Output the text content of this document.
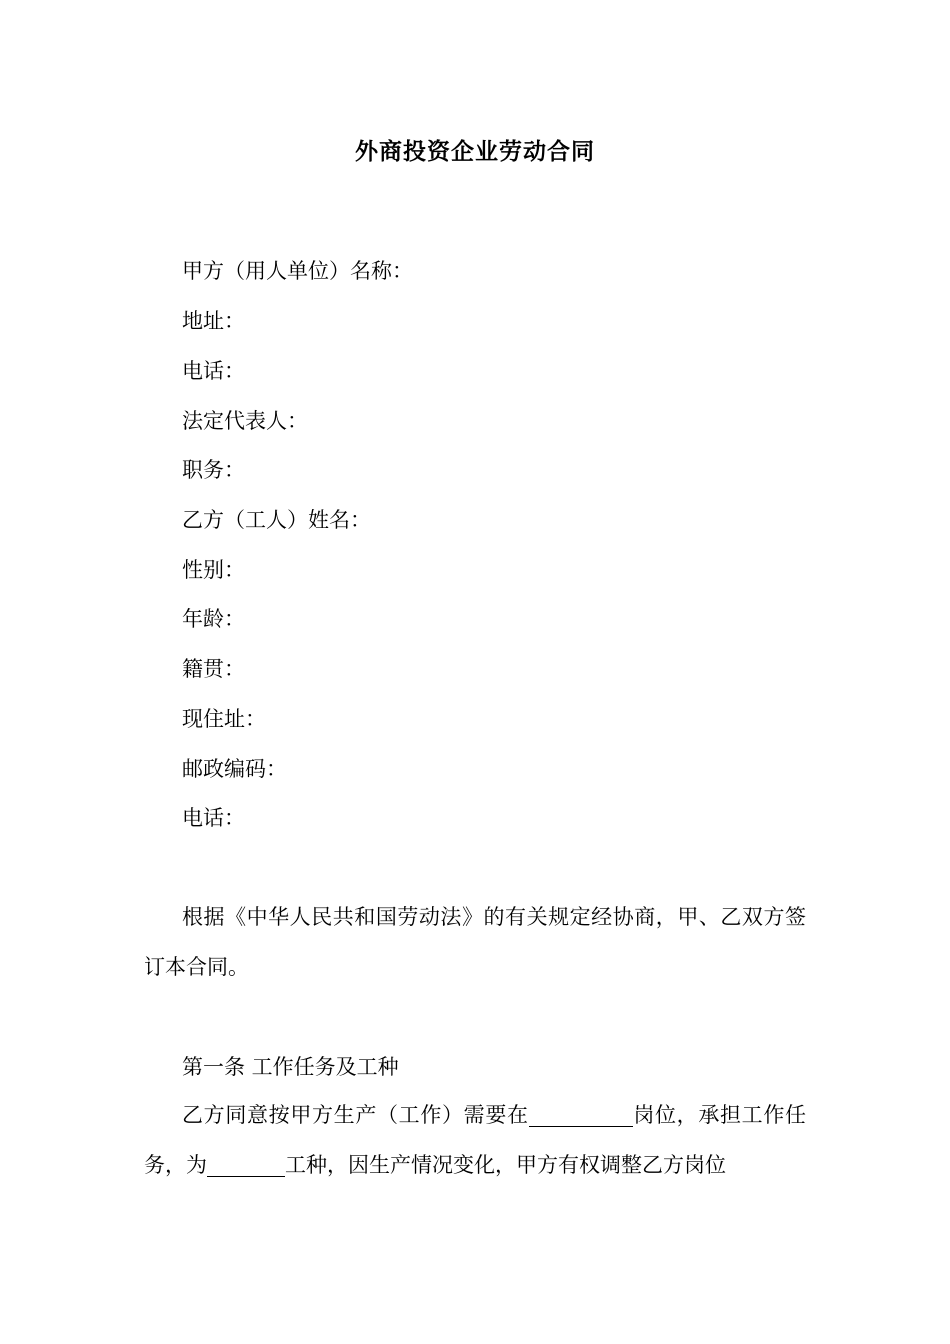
外商投资企业劳动合同
甲方（用人单位）名称：
地址：
电话：
法定代表人：
职务：
乙方（工人）姓名：
性别：
年龄：
籍贯：
现住址：
邮政编码：
电话：
根据《中华人民共和国劳动法》的有关规定经协商，甲、乙双方签订本合同。
第一条 工作任务及工种
乙方同意按甲方生产（工作）需要在	岗位，承担工作任务，为	工种，因生产情况变化，甲方有权调整乙方岗位
